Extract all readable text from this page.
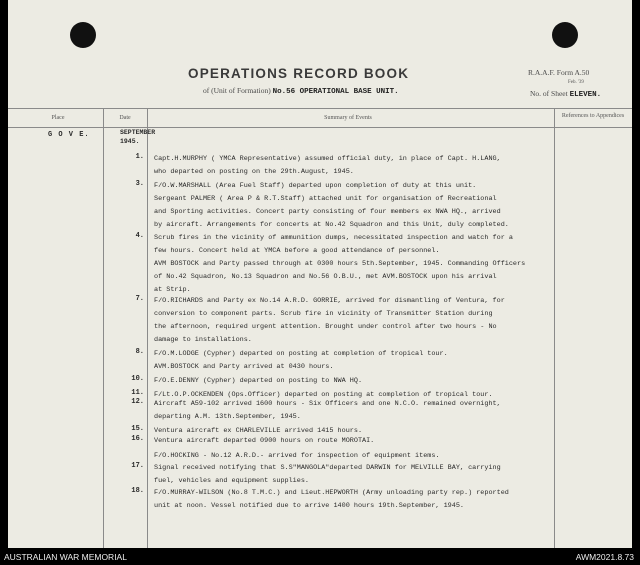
OPERATIONS RECORD BOOK
of (Unit of Formation) No.56 OPERATIONAL BASE UNIT.
R.A.A.F. Form A.50
Feb. '39
No. of Sheet ELEVEN.
Place	Date	Summary of Events	References to Appendices
G O V E.	SEPTEMBER
1945.
1. Capt.H.MURPHY ( YMCA Representative) assumed official duty, in place of Capt. H.LANG,
who departed on posting on the 29th.August, 1945.
3. F/O.W.MARSHALL (Area Fuel Staff) departed upon completion of duty at this unit.
Sergeant PALMER ( Area P & R.T.Staff) attached unit for organisation of Recreational
and Sporting activities. Concert party consisting of four members ex NWA HQ., arrived
by aircraft. Arrangements for concerts at No.42 Squadron and this Unit, duly completed.
4. Scrub fires in the vicinity of ammunition dumps, necessitated inspection and watch for a
few hours. Concert held at YMCA before a good attendance of personnel.
AVM BOSTOCK and Party passed through at 0300 hours 5th.September, 1945. Commanding Officers
of No.42 Squadron, No.13 Squadron and No.56 O.B.U., met AVM.BOSTOCK upon his arrival
at Strip.
7. F/O.RICHARDS and Party ex No.14 A.R.D. GORRIE, arrived for dismantling of Ventura, for
conversion to component parts. Scrub fire in vicinity of Transmitter Station during
the afternoon, required urgent attention. Brought under control after two hours - No
damage to installations.
8. F/O.M.LODGE (Cypher) departed on posting at completion of tropical tour.
AVM.BOSTOCK and Party arrived at 0430 hours.
10. F/O.E.DENNY (Cypher) departed on posting to NWA HQ.
11. F/Lt.O.P.OCKENDEN (Ops.Officer) departed on posting at completion of tropical tour.
12. Aircraft A59-102 arrived 1600 hours - Six Officers and one N.C.O. remained overnight,
departing A.M. 13th.September, 1945.
15. Ventura aircraft ex CHARLEVILLE arrived 1415 hours.
16. Ventura aircraft departed 0900 hours on route MOROTAI.
F/O.HOCKING - No.12 A.R.D.- arrived for inspection of equipment items.
17. Signal received notifying that S.S"MANGOLA"departed DARWIN for MELVILLE BAY, carrying
fuel, vehicles and equipment supplies.
18. F/O.MURRAY-WILSON (No.8 T.M.C.) and Lieut.HEPWORTH (Army unloading party rep.) reported
unit at noon. Vessel notified due to arrive 1400 hours 19th.September, 1945.
AUSTRALIAN WAR MEMORIAL	AWM2021.8.73
